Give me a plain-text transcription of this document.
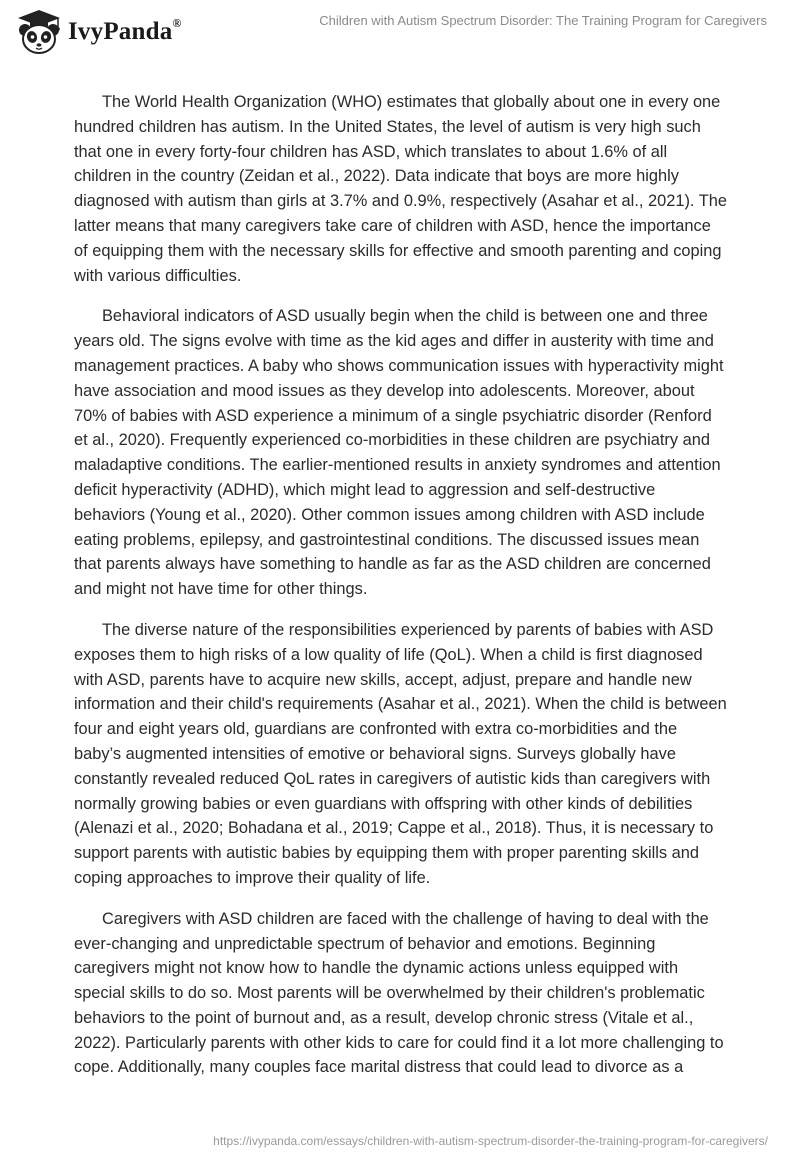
IvyPanda®	Children with Autism Spectrum Disorder: The Training Program for Caregivers

The World Health Organization (WHO) estimates that globally about one in every one hundred children has autism. In the United States, the level of autism is very high such that one in every forty-four children has ASD, which translates to about 1.6% of all children in the country (Zeidan et al., 2022). Data indicate that boys are more highly diagnosed with autism than girls at 3.7% and 0.9%, respectively (Asahar et al., 2021). The latter means that many caregivers take care of children with ASD, hence the importance of equipping them with the necessary skills for effective and smooth parenting and coping with various difficulties.

Behavioral indicators of ASD usually begin when the child is between one and three years old. The signs evolve with time as the kid ages and differ in austerity with time and management practices. A baby who shows communication issues with hyperactivity might have association and mood issues as they develop into adolescents. Moreover, about 70% of babies with ASD experience a minimum of a single psychiatric disorder (Renford et al., 2020). Frequently experienced co-morbidities in these children are psychiatry and maladaptive conditions. The earlier-mentioned results in anxiety syndromes and attention deficit hyperactivity (ADHD), which might lead to aggression and self-destructive behaviors (Young et al., 2020). Other common issues among children with ASD include eating problems, epilepsy, and gastrointestinal conditions. The discussed issues mean that parents always have something to handle as far as the ASD children are concerned and might not have time for other things.

The diverse nature of the responsibilities experienced by parents of babies with ASD exposes them to high risks of a low quality of life (QoL). When a child is first diagnosed with ASD, parents have to acquire new skills, accept, adjust, prepare and handle new information and their child's requirements (Asahar et al., 2021). When the child is between four and eight years old, guardians are confronted with extra co-morbidities and the baby’s augmented intensities of emotive or behavioral signs. Surveys globally have constantly revealed reduced QoL rates in caregivers of autistic kids than caregivers with normally growing babies or even guardians with offspring with other kinds of debilities (Alenazi et al., 2020; Bohadana et al., 2019; Cappe et al., 2018). Thus, it is necessary to support parents with autistic babies by equipping them with proper parenting skills and coping approaches to improve their quality of life.

Caregivers with ASD children are faced with the challenge of having to deal with the ever-changing and unpredictable spectrum of behavior and emotions. Beginning caregivers might not know how to handle the dynamic actions unless equipped with special skills to do so. Most parents will be overwhelmed by their children's problematic behaviors to the point of burnout and, as a result, develop chronic stress (Vitale et al., 2022). Particularly parents with other kids to care for could find it a lot more challenging to cope. Additionally, many couples face marital distress that could lead to divorce as a

https://ivypanda.com/essays/children-with-autism-spectrum-disorder-the-training-program-for-caregivers/
